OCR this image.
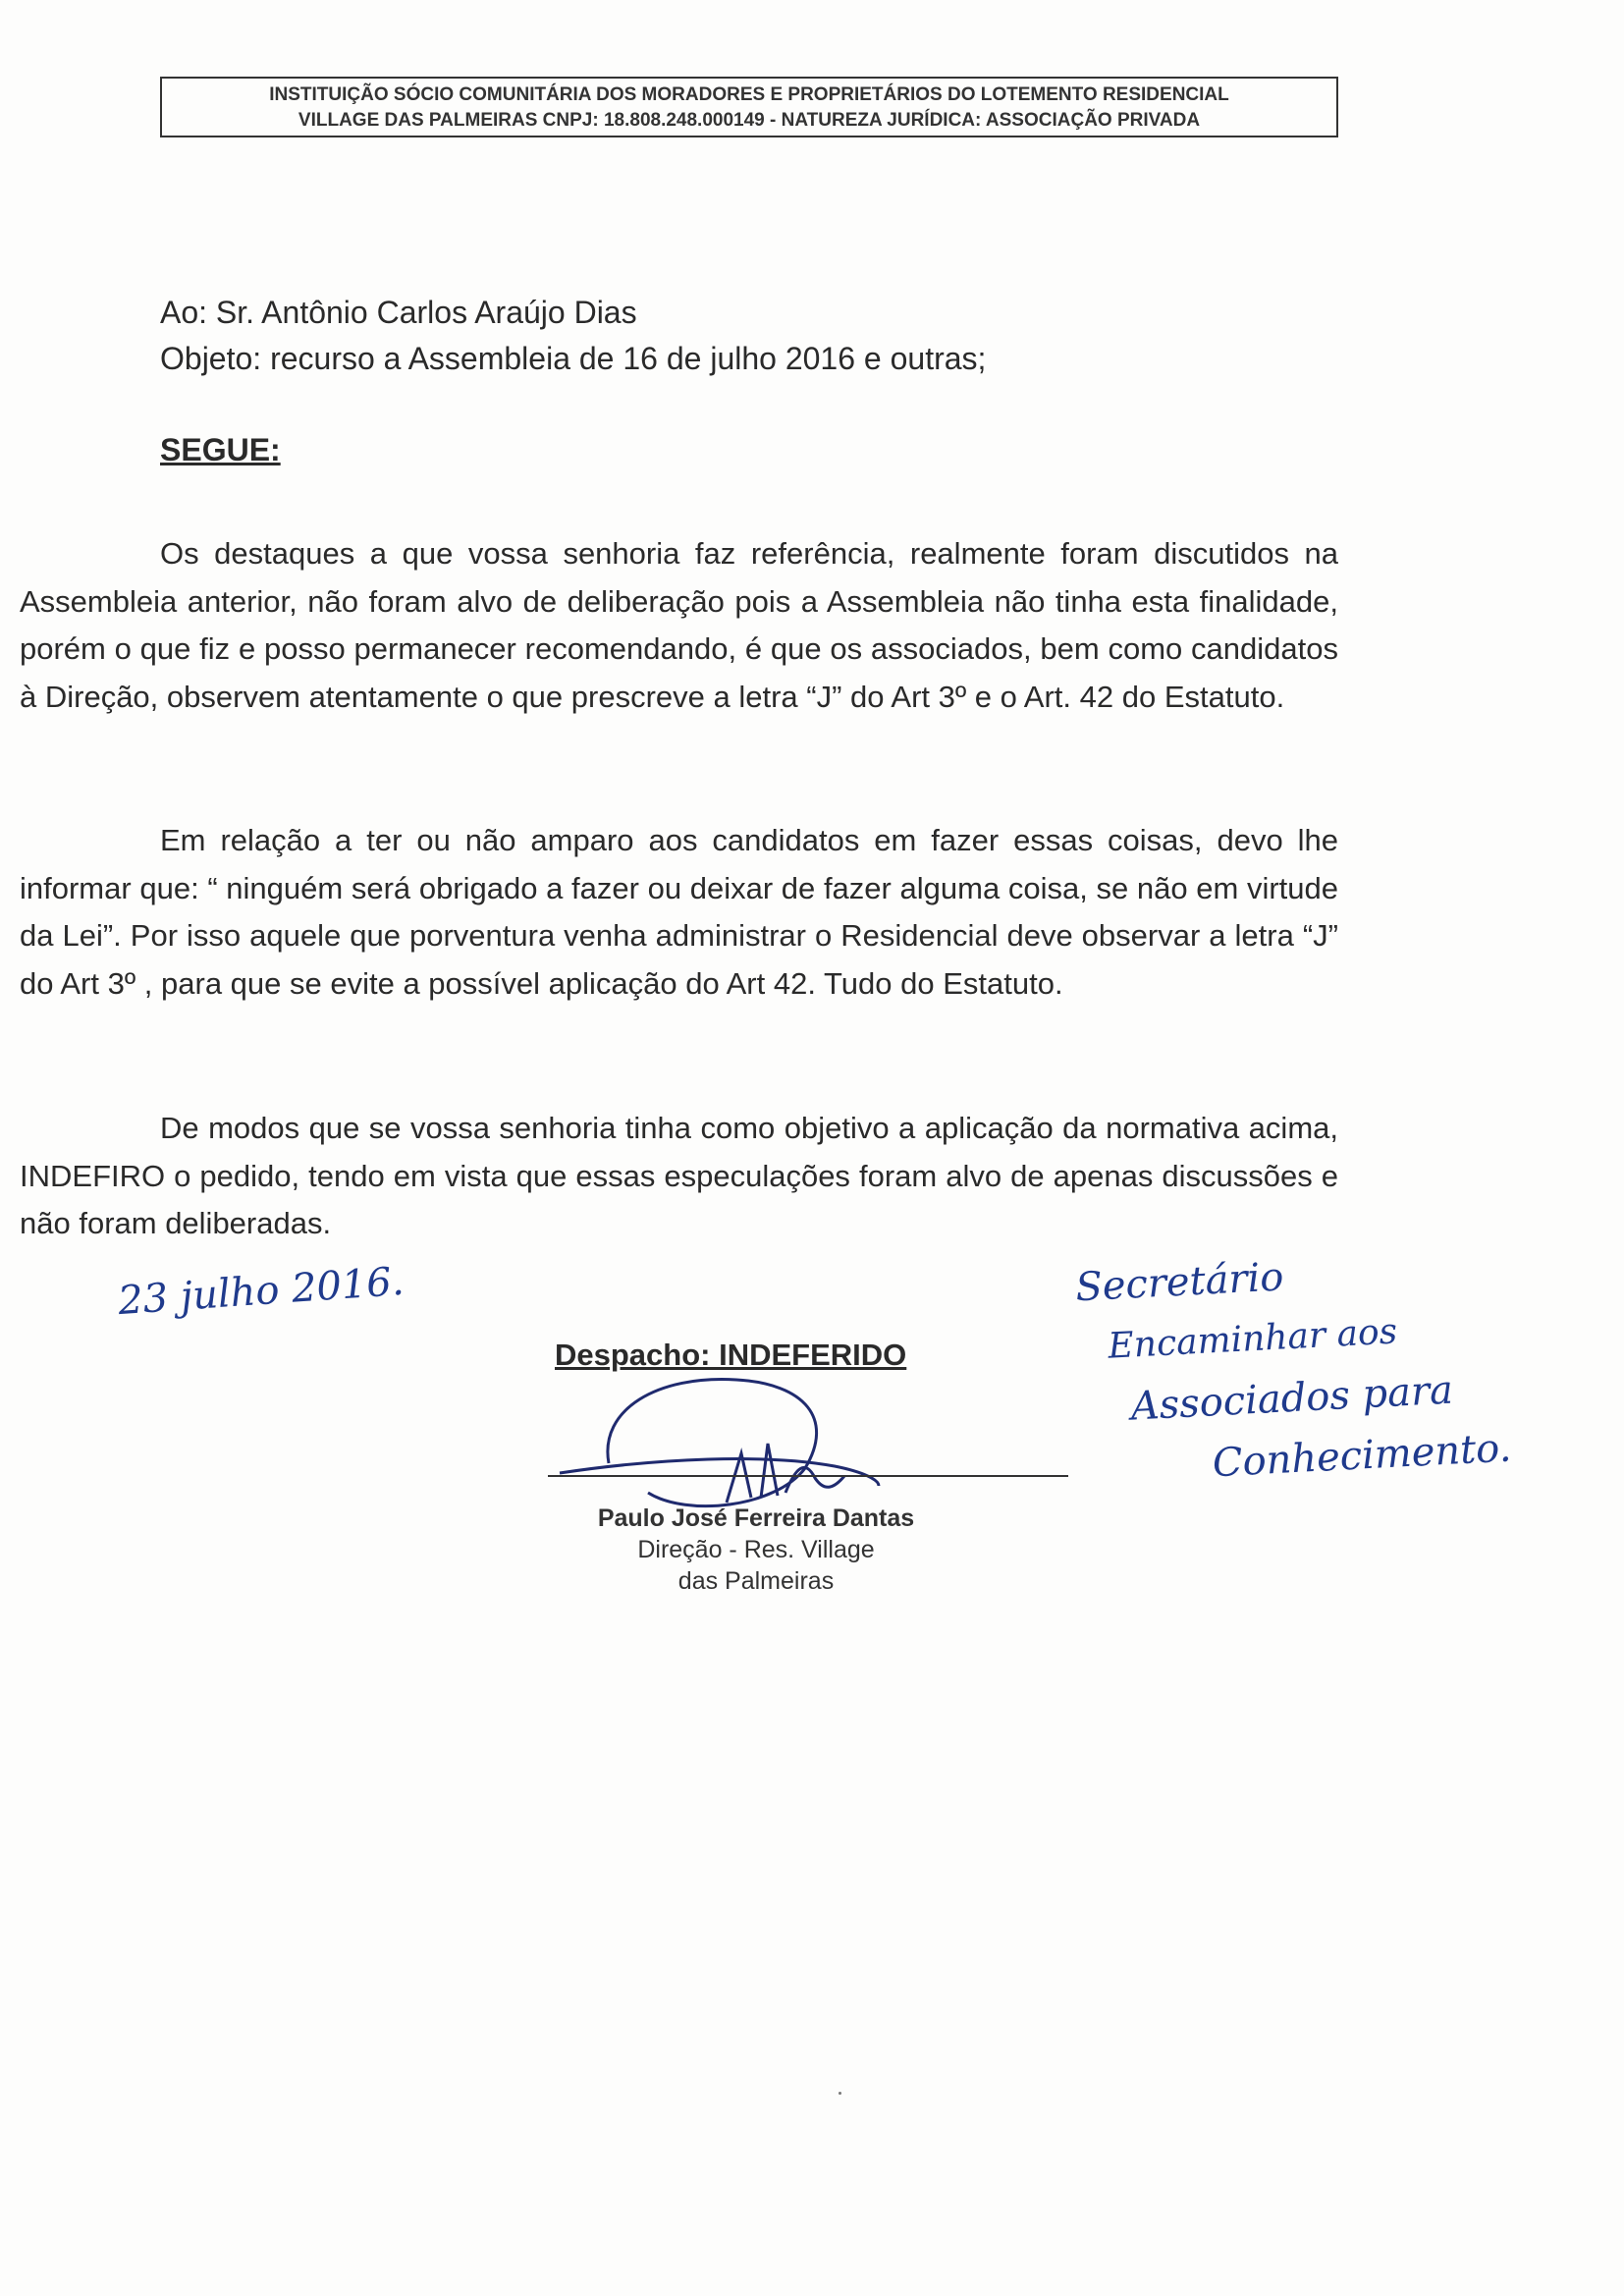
INSTITUIÇÃO SÓCIO COMUNITÁRIA DOS MORADORES E PROPRIETÁRIOS DO LOTEMENTO RESIDENCIAL
VILLAGE DAS PALMEIRAS CNPJ: 18.808.248.000149 - NATUREZA JURÍDICA: ASSOCIAÇÃO PRIVADA
Ao: Sr. Antônio Carlos Araújo Dias
Objeto: recurso a Assembleia de 16 de julho 2016 e outras;
SEGUE:

Os destaques a que vossa senhoria faz referência, realmente foram discutidos na Assembleia anterior, não foram alvo de deliberação pois a Assembleia não tinha esta finalidade, porém o que fiz e posso permanecer recomendando, é que os associados, bem como candidatos à Direção, observem atentamente o que prescreve a letra “J” do Art 3º e o Art. 42 do Estatuto.

Em relação a ter ou não amparo aos candidatos em fazer essas coisas, devo lhe informar que: “ ninguém será obrigado a fazer ou deixar de fazer alguma coisa, se não em virtude da Lei”. Por isso aquele que porventura venha administrar o Residencial deve observar a letra “J” do Art 3º , para que se evite a possível aplicação do Art 42. Tudo do Estatuto.

De modos que se vossa senhoria tinha como objetivo a aplicação da normativa acima, INDEFIRO o pedido, tendo em vista que essas especulações foram alvo de apenas discussões e não foram deliberadas.

23 julho 2016.	Secretário
Encaminhar aos
Associados para
Conhecimento.
Despacho: INDEFERIDO
Paulo José Ferreira Dantas
Direção - Res. Village
das Palmeiras
